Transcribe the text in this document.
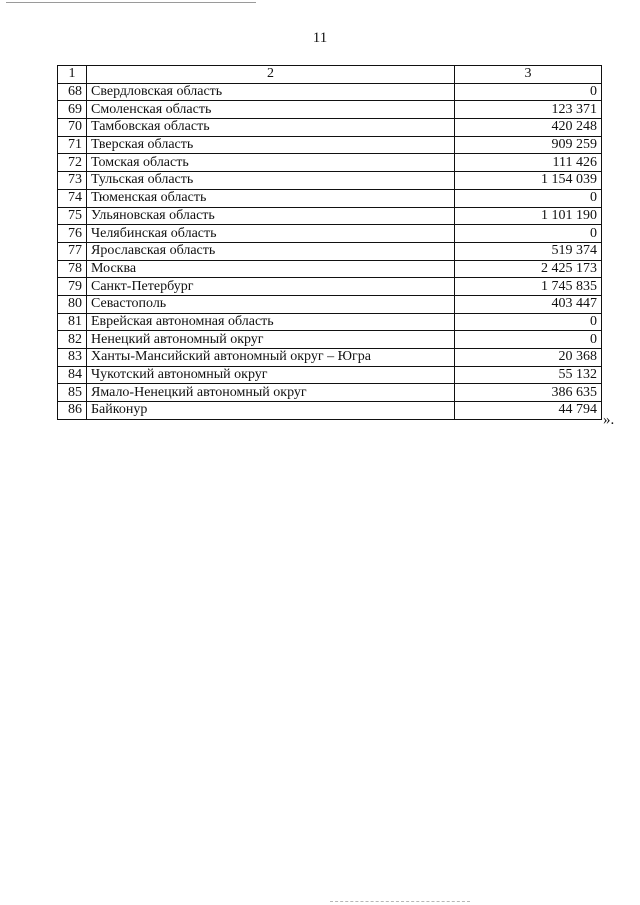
11
1	2	3
68	Свердловская область	0
69	Смоленская область	123 371
70	Тамбовская область	420 248
71	Тверская область	909 259
72	Томская область	111 426
73	Тульская область	1 154 039
74	Тюменская область	0
75	Ульяновская область	1 101 190
76	Челябинская область	0
77	Ярославская область	519 374
78	Москва	2 425 173
79	Санкт-Петербург	1 745 835
80	Севастополь	403 447
81	Еврейская автономная область	0
82	Ненецкий автономный округ	0
83	Ханты-Мансийский автономный округ – Югра	20 368
84	Чукотский автономный округ	55 132
85	Ямало-Ненецкий автономный округ	386 635
86	Байконур	44 794
».
